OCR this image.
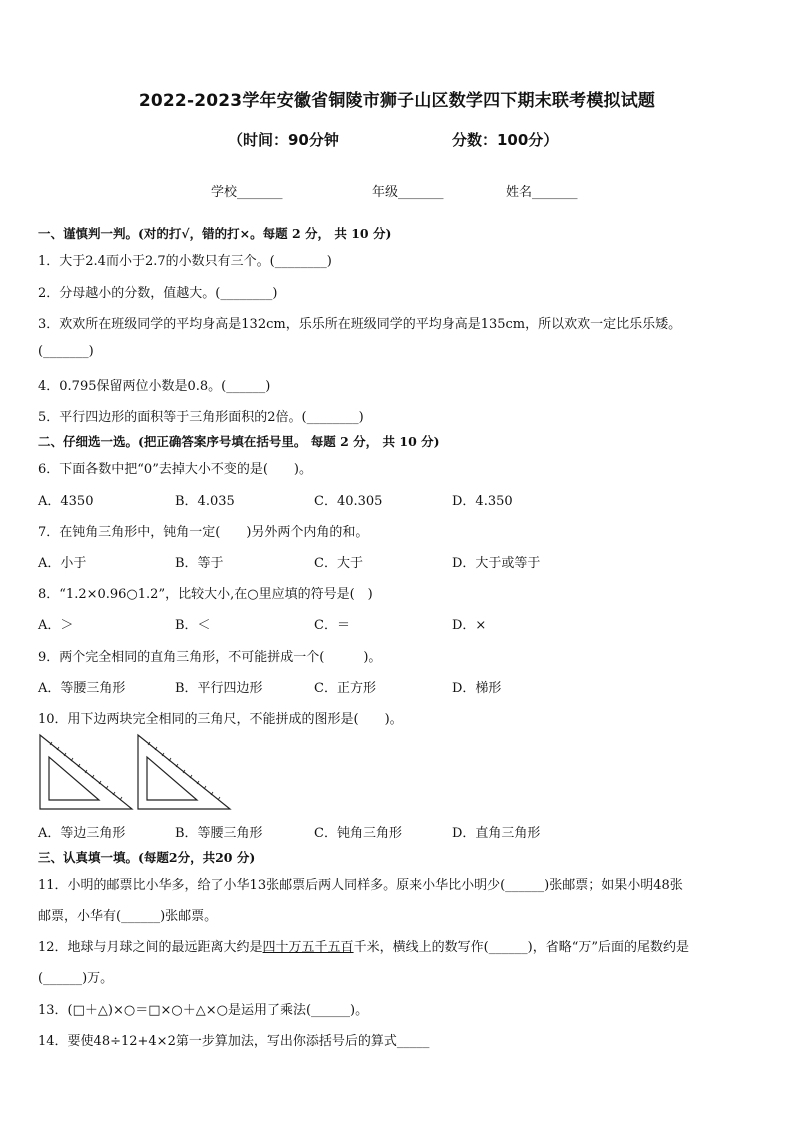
2022-2023学年安徽省铜陵市狮子山区数学四下期末联考模拟试题
（时间：90分钟	分数：100分）
学校_______	年级_______	姓名_______
一、谨慎判一判。(对的打√，错的打×。每题 2 分， 共 10 分)
1．大于2.4而小于2.7的小数只有三个。(________)
2．分母越小的分数，值越大。(________)
3．欢欢所在班级同学的平均身高是132cm，乐乐所在班级同学的平均身高是135cm，所以欢欢一定比乐乐矮。
(_______)
4．0.795保留两位小数是0.8。(______)
5．平行四边形的面积等于三角形面积的2倍。(________)
二、仔细选一选。(把正确答案序号填在括号里。 每题 2 分， 共 10 分)
6．下面各数中把“0”去掉大小不变的是(　　)。
A．4350	B．4.035	C．40.305	D．4.350
7．在钝角三角形中，钝角一定(　　)另外两个内角的和。
A．小于	B．等于	C．大于	D．大于或等于
8．“1.2×0.96○1.2”，比较大小,在○里应填的符号是(　)
A．＞	B．＜	C．＝	D．×
9．两个完全相同的直角三角形，不可能拼成一个(　　　)。
A．等腰三角形	B．平行四边形	C．正方形	D．梯形
10．用下边两块完全相同的三角尺，不能拼成的图形是(　　)。
A．等边三角形	B．等腰三角形	C．钝角三角形	D．直角三角形
三、认真填一填。(每题2分，共20 分)
11．小明的邮票比小华多，给了小华13张邮票后两人同样多。原来小华比小明少(______)张邮票；如果小明48张
邮票，小华有(______)张邮票。
12．地球与月球之间的最远距离大约是四十万五千五百千米，横线上的数写作(______)，省略“万”后面的尾数约是
(______)万。
13．(□＋△)×○＝□×○＋△×○是运用了乘法(______)。
14．要使48÷12+4×2第一步算加法，写出你添括号后的算式_____
